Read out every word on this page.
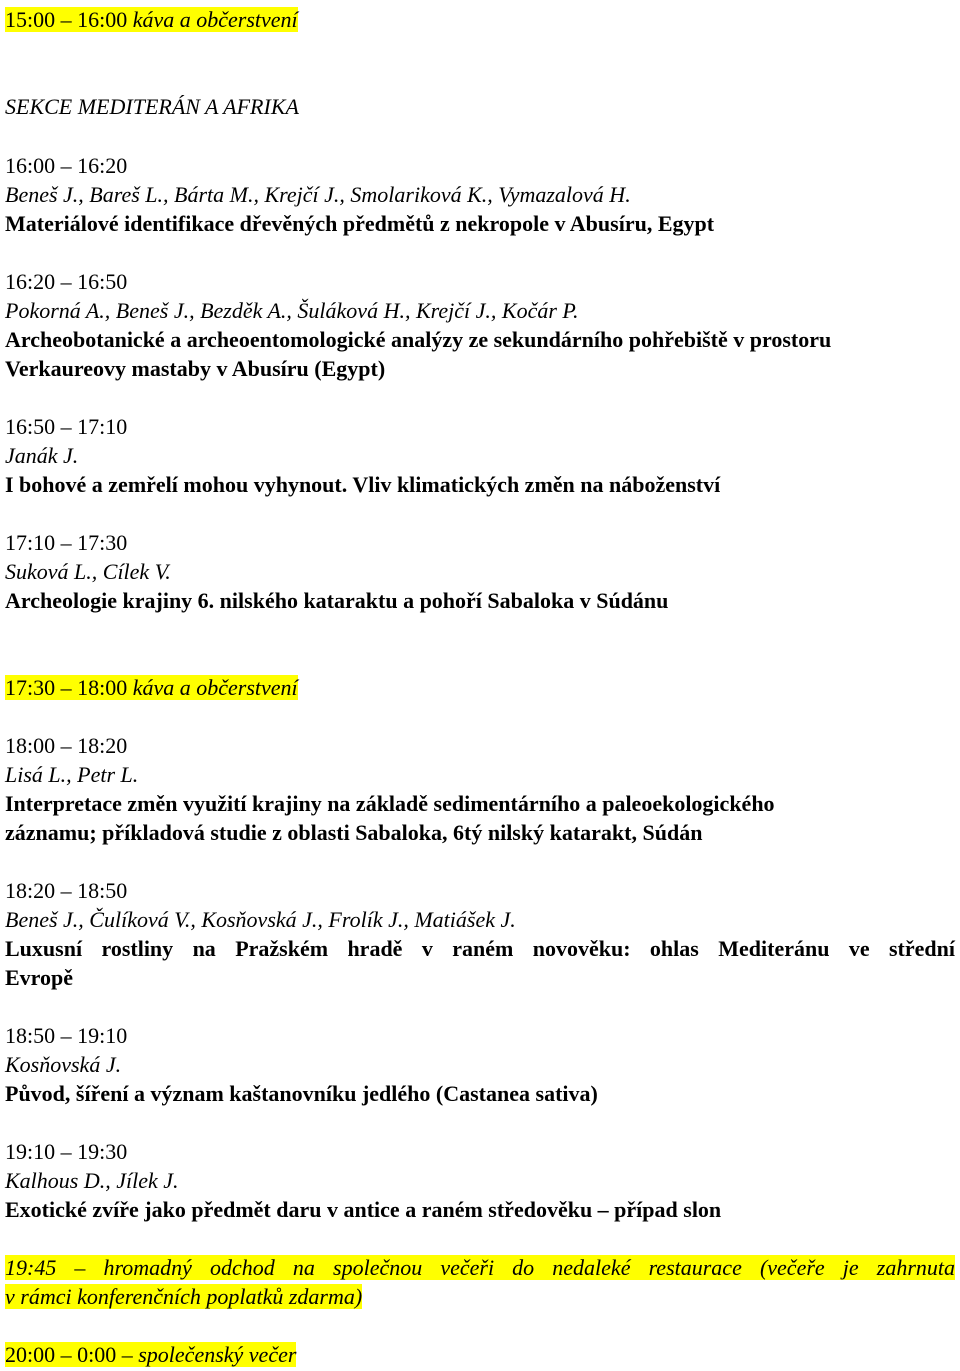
15:00 – 16:00 káva a občerstvení
SEKCE MEDITERÁN A AFRIKA
16:00 – 16:20
Beneš J., Bareš L., Bárta M., Krejčí J., Smolariková K., Vymazalová H.
Materiálové identifikace dřevěných předmětů z nekropole v Abusíru, Egypt
16:20 – 16:50
Pokorná A., Beneš J., Bezděk A., Šuláková H., Krejčí J., Kočár P.
Archeobotanické a archeoentomologické analýzy ze sekundárního pohřebiště v prostoru
Verkaureovy mastaby v Abusíru (Egypt)
16:50 – 17:10
Janák J.
I bohové a zemřelí mohou vyhynout. Vliv klimatických změn na náboženství
17:10 – 17:30
Suková L., Cílek V.
Archeologie krajiny 6. nilského kataraktu a pohoří Sabaloka v Súdánu
17:30 – 18:00 káva a občerstvení
18:00 – 18:20
Lisá L., Petr L.
Interpretace změn využití krajiny na základě sedimentárního a paleoekologického
záznamu; příkladová studie z oblasti Sabaloka, 6tý nilský katarakt, Súdán
18:20 – 18:50
Beneš J., Čulíková V., Kosňovská J., Frolík J., Matiášek J.
Luxusní rostliny na Pražském hradě v raném novověku: ohlas Mediteránu ve střední
Evropě
18:50 – 19:10
Kosňovská J.
Původ, šíření a význam kaštanovníku jedlého (Castanea sativa)
19:10 – 19:30
Kalhous D., Jílek J.
Exotické zvíře jako předmět daru v antice a raném středověku – případ slon
19:45 – hromadný odchod na společnou večeři do nedaleké restaurace (večeře je zahrnuta
v rámci konferenčních poplatků zdarma)
20:00 – 0:00 – společenský večer
